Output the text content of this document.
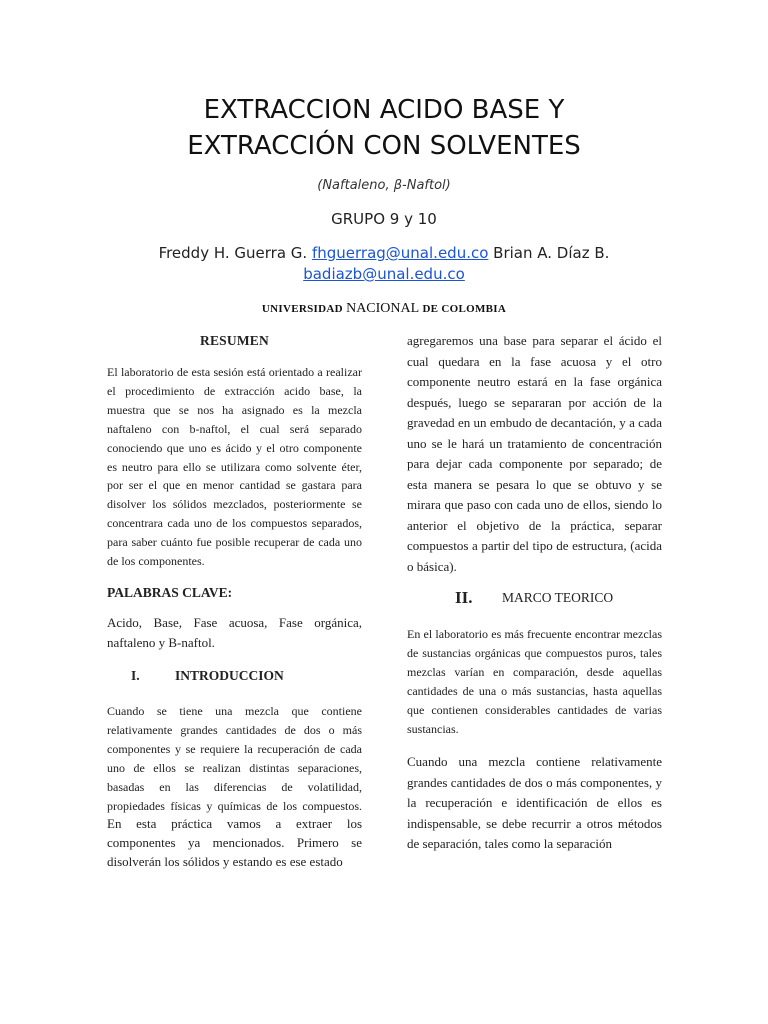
EXTRACCION ACIDO BASE Y
EXTRACCIÓN CON SOLVENTES
(Naftaleno, β-Naftol)
GRUPO 9 y 10
Freddy H. Guerra G. fhguerrag@unal.edu.co Brian A. Díaz B.
badiazb@unal.edu.co
UNIVERSIDAD NACIONAL DE COLOMBIA
RESUMEN

El laboratorio de esta sesión está orientado a realizar el procedimiento de extracción acido base, la muestra que se nos ha asignado es la mezcla naftaleno con b-naftol, el cual será separado conociendo que uno es ácido y el otro componente es neutro para ello se utilizara como solvente éter, por ser el que en menor cantidad se gastara para disolver los sólidos mezclados, posteriormente se concentrara cada uno de los compuestos separados, para saber cuánto fue posible recuperar de cada uno de los componentes.

PALABRAS CLAVE:

Acido, Base, Fase acuosa, Fase orgánica, naftaleno y B-naftol.

I.	INTRODUCCION

Cuando se tiene una mezcla que contiene relativamente grandes cantidades de dos o más componentes y se requiere la recuperación de cada uno de ellos se realizan distintas separaciones, basadas en las diferencias de volatilidad, propiedades físicas y químicas de los compuestos. En esta práctica vamos a extraer los componentes ya mencionados. Primero se disolverán los sólidos y estando es ese estado

agregaremos una base para separar el ácido el cual quedara en la fase acuosa y el otro componente neutro estará en la fase orgánica después, luego se separaran por acción de la gravedad en un embudo de decantación, y a cada uno se le hará un tratamiento de concentración para dejar cada componente por separado; de esta manera se pesara lo que se obtuvo y se mirara que paso con cada uno de ellos, siendo lo anterior el objetivo de la práctica, separar compuestos a partir del tipo de estructura, (acida o básica).

II. MARCO TEORICO

En el laboratorio es más frecuente encontrar mezclas de sustancias orgánicas que compuestos puros, tales mezclas varían en comparación, desde aquellas cantidades de una o más sustancias, hasta aquellas que contienen considerables cantidades de varias sustancias.

Cuando una mezcla contiene relativamente grandes cantidades de dos o más componentes, y la recuperación e identificación de ellos es indispensable, se debe recurrir a otros métodos de separación, tales como la separación
